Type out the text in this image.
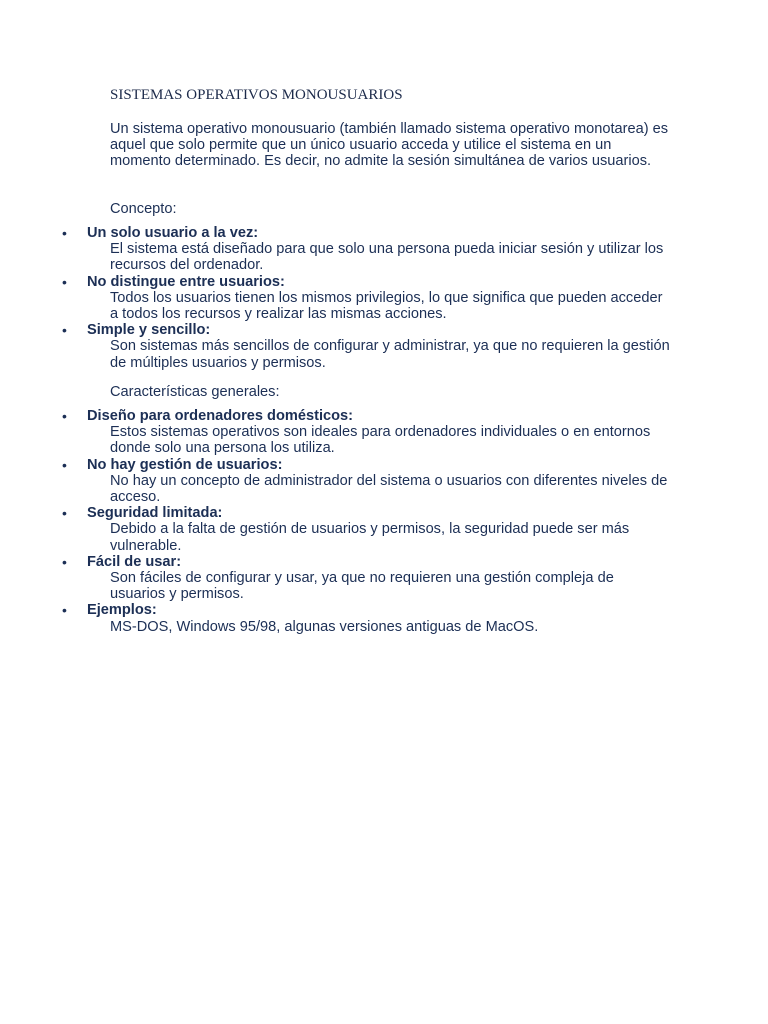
SISTEMAS OPERATIVOS MONOUSUARIOS

Un sistema operativo monousuario (también llamado sistema operativo monotarea) es aquel que solo permite que un único usuario acceda y utilice el sistema en un momento determinado. Es decir, no admite la sesión simultánea de varios usuarios.

Concepto:

• Un solo usuario a la vez:
El sistema está diseñado para que solo una persona pueda iniciar sesión y utilizar los recursos del ordenador.
• No distingue entre usuarios:
Todos los usuarios tienen los mismos privilegios, lo que significa que pueden acceder a todos los recursos y realizar las mismas acciones.
• Simple y sencillo:
Son sistemas más sencillos de configurar y administrar, ya que no requieren la gestión de múltiples usuarios y permisos.

Características generales:

• Diseño para ordenadores domésticos:
Estos sistemas operativos son ideales para ordenadores individuales o en entornos donde solo una persona los utiliza.
• No hay gestión de usuarios:
No hay un concepto de administrador del sistema o usuarios con diferentes niveles de acceso.
• Seguridad limitada:
Debido a la falta de gestión de usuarios y permisos, la seguridad puede ser más vulnerable.
• Fácil de usar:
Son fáciles de configurar y usar, ya que no requieren una gestión compleja de usuarios y permisos.
• Ejemplos:
MS-DOS, Windows 95/98, algunas versiones antiguas de MacOS.
